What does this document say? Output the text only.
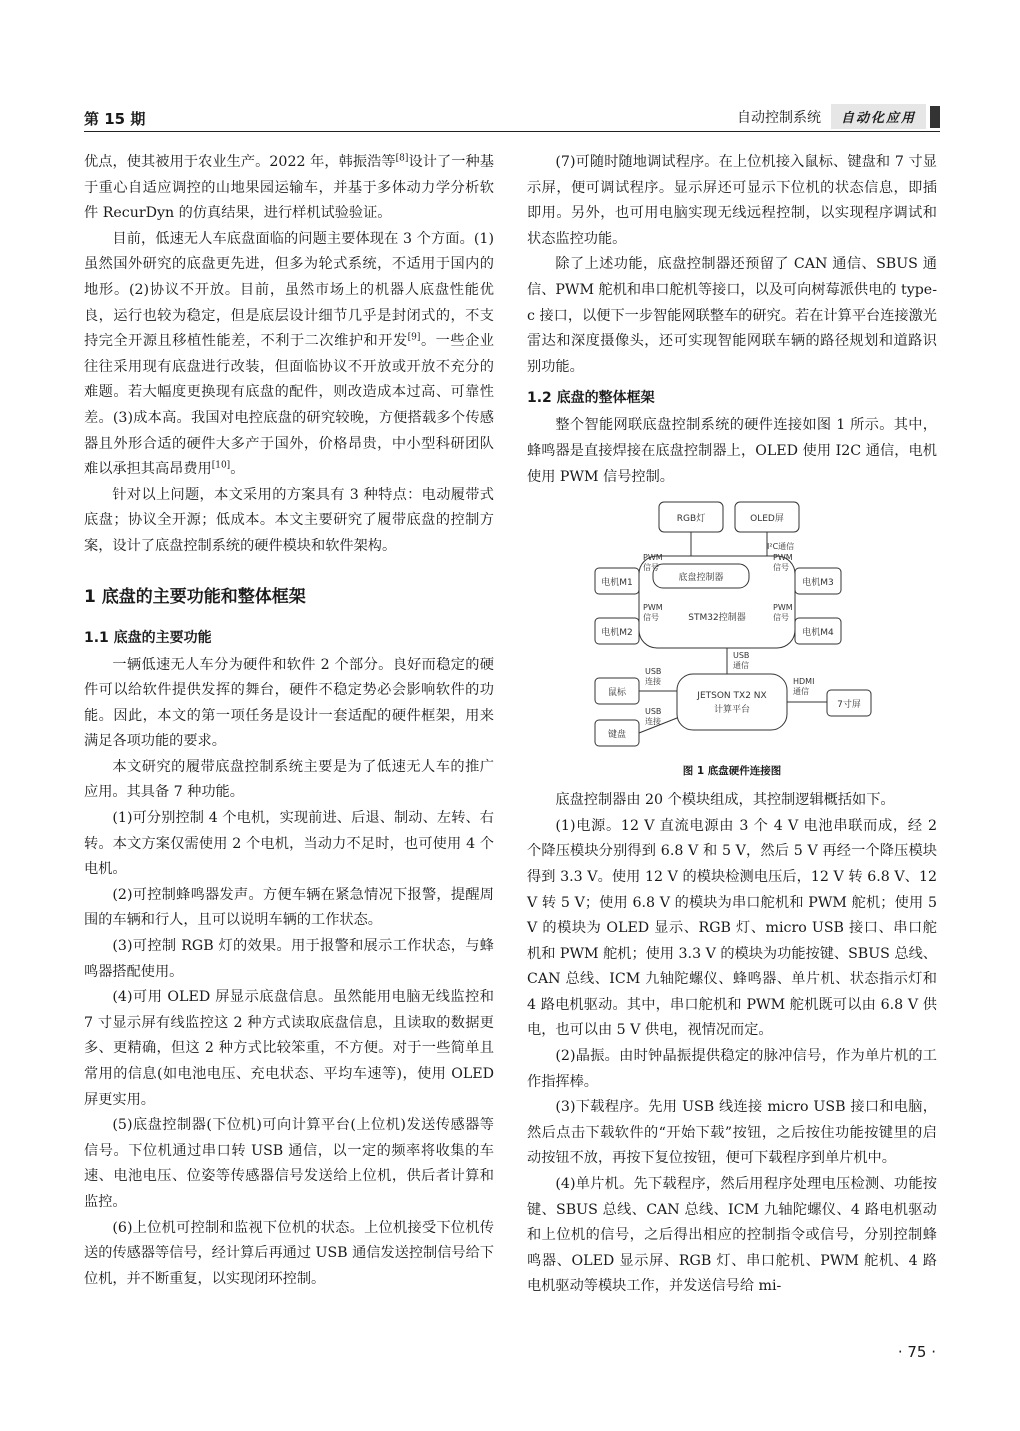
第 15 期	自动控制系统	自动化应用

优点，使其被用于农业生产。2022 年，韩振浩等[8]设计了一种基于重心自适应调控的山地果园运输车，并基于多体动力学分析软件 RecurDyn 的仿真结果，进行样机试验验证。

目前，低速无人车底盘面临的问题主要体现在 3 个方面。(1)虽然国外研究的底盘更先进，但多为轮式系统，不适用于国内的地形。(2)协议不开放。目前，虽然市场上的机器人底盘性能优良，运行也较为稳定，但是底层设计细节几乎是封闭式的，不支持完全开源且移植性能差，不利于二次维护和开发[9]。一些企业往往采用现有底盘进行改装，但面临协议不开放或开放不充分的难题。若大幅度更换现有底盘的配件，则改造成本过高、可靠性差。(3)成本高。我国对电控底盘的研究较晚，方便搭载多个传感器且外形合适的硬件大多产于国外，价格昂贵，中小型科研团队难以承担其高昂费用[10]。

针对以上问题，本文采用的方案具有 3 种特点：电动履带式底盘；协议全开源；低成本。本文主要研究了履带底盘的控制方案，设计了底盘控制系统的硬件模块和软件架构。

1 底盘的主要功能和整体框架
1.1 底盘的主要功能

一辆低速无人车分为硬件和软件 2 个部分。良好而稳定的硬件可以给软件提供发挥的舞台，硬件不稳定势必会影响软件的功能。因此，本文的第一项任务是设计一套适配的硬件框架，用来满足各项功能的要求。

本文研究的履带底盘控制系统主要是为了低速无人车的推广应用。其具备 7 种功能。

(1)可分别控制 4 个电机，实现前进、后退、制动、左转、右转。本文方案仅需使用 2 个电机，当动力不足时，也可使用 4 个电机。

(2)可控制蜂鸣器发声。方便车辆在紧急情况下报警，提醒周围的车辆和行人，且可以说明车辆的工作状态。

(3)可控制 RGB 灯的效果。用于报警和展示工作状态，与蜂鸣器搭配使用。

(4)可用 OLED 屏显示底盘信息。虽然能用电脑无线监控和 7 寸显示屏有线监控这 2 种方式读取底盘信息，且读取的数据更多、更精确，但这 2 种方式比较笨重，不方便。对于一些简单且常用的信息(如电池电压、充电状态、平均车速等)，使用 OLED 屏更实用。

(5)底盘控制器(下位机)可向计算平台(上位机)发送传感器等信号。下位机通过串口转 USB 通信，以一定的频率将收集的车速、电池电压、位姿等传感器信号发送给上位机，供后者计算和监控。

(6)上位机可控制和监视下位机的状态。上位机接受下位机传送的传感器等信号，经计算后再通过 USB 通信发送控制信号给下位机，并不断重复，以实现闭环控制。

(7)可随时随地调试程序。在上位机接入鼠标、键盘和 7 寸显示屏，便可调试程序。显示屏还可显示下位机的状态信息，即插即用。另外，也可用电脑实现无线远程控制，以实现程序调试和状态监控功能。

除了上述功能，底盘控制器还预留了 CAN 通信、SBUS 通信、PWM 舵机和串口舵机等接口，以及可向树莓派供电的 type-c 接口，以便下一步智能网联整车的研究。若在计算平台连接激光雷达和深度摄像头，还可实现智能网联车辆的路径规划和道路识别功能。

1.2 底盘的整体框架

整个智能网联底盘控制系统的硬件连接如图 1 所示。其中，蜂鸣器是直接焊接在底盘控制器上，OLED 使用 I2C 通信，电机使用 PWM 信号控制。

RGB灯	OLED屏
I²C通信
底盘控制器
STM32控制器
电机M1
电机M2
PWM
信号
PWM
信号
电机M3
电机M4
PWM
信号
PWM
信号
USB
通信
JETSON TX2 NX
计算平台
鼠标
键盘
USB
连接
USB
连接
HDMI
通信
7寸屏
图 1 底盘硬件连接图

底盘控制器由 20 个模块组成，其控制逻辑概括如下。

(1)电源。12 V 直流电源由 3 个 4 V 电池串联而成，经 2 个降压模块分别得到 6.8 V 和 5 V，然后 5 V 再经一个降压模块得到 3.3 V。使用 12 V 的模块检测电压后，12 V 转 6.8 V、12 V 转 5 V；使用 6.8 V 的模块为串口舵机和 PWM 舵机；使用 5 V 的模块为 OLED 显示、RGB 灯、micro USB 接口、串口舵机和 PWM 舵机；使用 3.3 V 的模块为功能按键、SBUS 总线、CAN 总线、ICM 九轴陀螺仪、蜂鸣器、单片机、状态指示灯和 4 路电机驱动。其中，串口舵机和 PWM 舵机既可以由 6.8 V 供电，也可以由 5 V 供电，视情况而定。

(2)晶振。由时钟晶振提供稳定的脉冲信号，作为单片机的工作指挥棒。

(3)下载程序。先用 USB 线连接 micro USB 接口和电脑，然后点击下载软件的“开始下载”按钮，之后按住功能按键里的启动按钮不放，再按下复位按钮，便可下载程序到单片机中。

(4)单片机。先下载程序，然后用程序处理电压检测、功能按键、SBUS 总线、CAN 总线、ICM 九轴陀螺仪、4 路电机驱动和上位机的信号，之后得出相应的控制指令或信号，分别控制蜂鸣器、OLED 显示屏、RGB 灯、串口舵机、PWM 舵机、4 路电机驱动等模块工作，并发送信号给 mi-

· 75 ·
